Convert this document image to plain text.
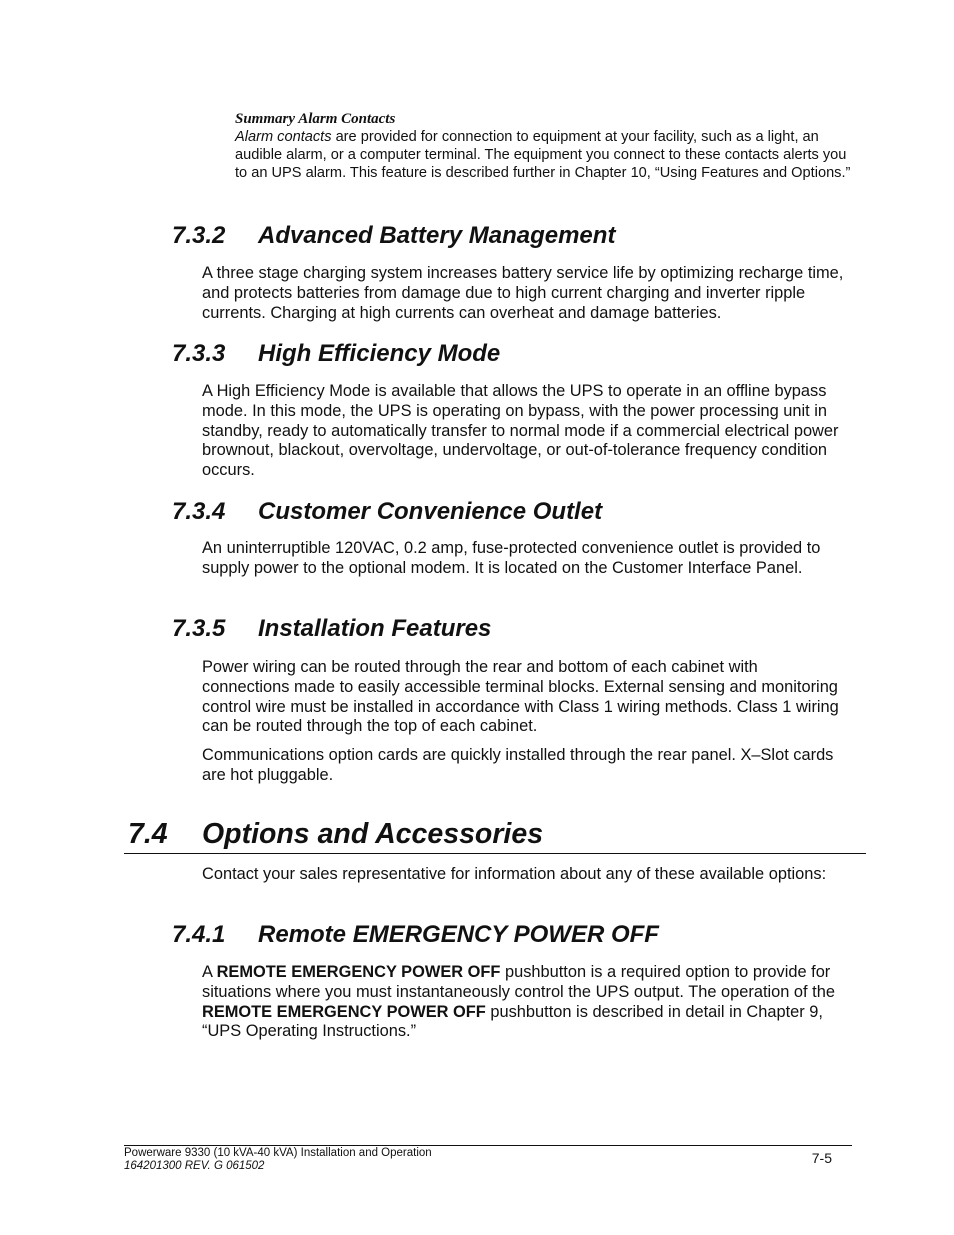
Summary Alarm Contacts
Alarm contacts are provided for connection to equipment at your facility, such as a light, an audible alarm, or a computer terminal. The equipment you connect to these contacts alerts you to an UPS alarm. This feature is described further in Chapter 10, “Using Features and Options.”
7.3.2 Advanced Battery Management
A three stage charging system increases battery service life by optimizing recharge time, and protects batteries from damage due to high current charging and inverter ripple currents. Charging at high currents can overheat and damage batteries.
7.3.3 High Efficiency Mode
A High Efficiency Mode is available that allows the UPS to operate in an offline bypass mode. In this mode, the UPS is operating on bypass, with the power processing unit in standby, ready to automatically transfer to normal mode if a commercial electrical power brownout, blackout, overvoltage, undervoltage, or out-of-tolerance frequency condition occurs.
7.3.4 Customer Convenience Outlet
An uninterruptible 120VAC, 0.2 amp, fuse-protected convenience outlet is provided to supply power to the optional modem. It is located on the Customer Interface Panel.
7.3.5 Installation Features
Power wiring can be routed through the rear and bottom of each cabinet with connections made to easily accessible terminal blocks. External sensing and monitoring control wire must be installed in accordance with Class 1 wiring methods. Class 1 wiring can be routed through the top of each cabinet.
Communications option cards are quickly installed through the rear panel. X–Slot cards are hot pluggable.
7.4 Options and Accessories
Contact your sales representative for information about any of these available options:
7.4.1 Remote EMERGENCY POWER OFF
A REMOTE EMERGENCY POWER OFF pushbutton is a required option to provide for situations where you must instantaneously control the UPS output. The operation of the REMOTE EMERGENCY POWER OFF pushbutton is described in detail in Chapter 9, “UPS Operating Instructions.”
Powerware 9330 (10 kVA-40 kVA) Installation and Operation
164201300 REV. G 061502	7-5
